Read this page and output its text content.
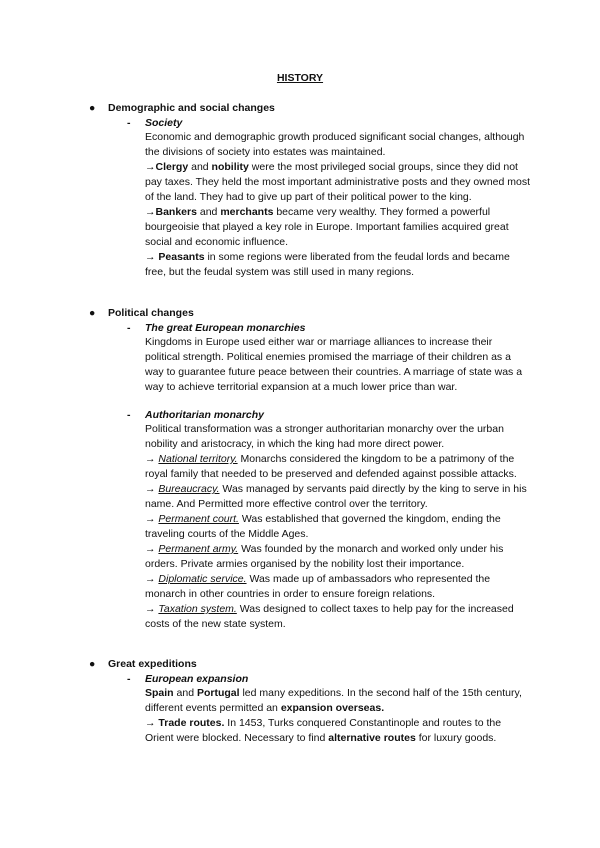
HISTORY
● Demographic and social changes
- Society

Economic and demographic growth produced significant social changes, although the divisions of society into estates was maintained.

→Clergy and nobility were the most privileged social groups, since they did not pay taxes. They held the most important administrative posts and they owned most of the land. They had to give up part of their political power to the king.

→Bankers and merchants became very wealthy. They formed a powerful bourgeoisie that played a key role in Europe. Important families acquired great social and economic influence.

→ Peasants in some regions were liberated from the feudal lords and became free, but the feudal system was still used in many regions.

● Political changes
- The great European monarchies

Kingdoms in Europe used either war or marriage alliances to increase their political strength. Political enemies promised the marriage of their children as a way to guarantee future peace between their countries. A marriage of state was a way to achieve territorial expansion at a much lower price than war.

- Authoritarian monarchy

Political transformation was a stronger authoritarian monarchy over the urban nobility and aristocracy, in which the king had more direct power.

→ National territory. Monarchs considered the kingdom to be a patrimony of the royal family that needed to be preserved and defended against possible attacks.

→ Bureaucracy. Was managed by servants paid directly by the king to serve in his name. And Permitted more effective control over the territory.

→ Permanent court. Was established that governed the kingdom, ending the traveling courts of the Middle Ages.

→ Permanent army. Was founded by the monarch and worked only under his orders. Private armies organised by the nobility lost their importance.

→ Diplomatic service. Was made up of ambassadors who represented the monarch in other countries in order to ensure foreign relations.

→ Taxation system. Was designed to collect taxes to help pay for the increased costs of the new state system.

● Great expeditions
- European expansion

Spain and Portugal led many expeditions. In the second half of the 15th century, different events permitted an expansion overseas.

→ Trade routes. In 1453, Turks conquered Constantinople and routes to the Orient were blocked. Necessary to find alternative routes for luxury goods.
